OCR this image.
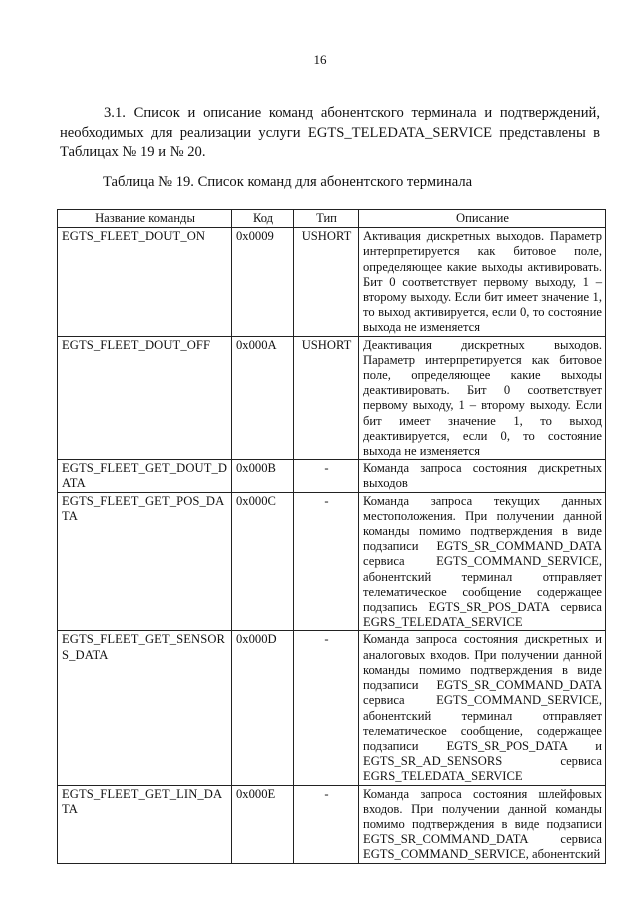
16
3.1. Список и описание команд абонентского терминала и подтверждений, необходимых для реализации услуги EGTS_TELEDATA_SERVICE представлены в Таблицах № 19 и № 20.
Таблица № 19. Список команд для абонентского терминала
Название команды	Код	Тип	Описание
EGTS_FLEET_DOUT_ON	0x0009	USHORT	Активация дискретных выходов. Параметр интерпретируется как битовое поле, определяющее какие выходы активировать. Бит 0 соответствует первому выходу, 1 – второму выходу. Если бит имеет значение 1, то выход активируется, если 0, то состояние выхода не изменяется
EGTS_FLEET_DOUT_OFF	0x000A	USHORT	Деактивация дискретных выходов. Параметр интерпретируется как битовое поле, определяющее какие выходы деактивировать. Бит 0 соответствует первому выходу, 1 – второму выходу. Если бит имеет значение 1, то выход деактивируется, если 0, то состояние выхода не изменяется
EGTS_FLEET_GET_DOUT_DATA	0x000B	-	Команда запроса состояния дискретных выходов
EGTS_FLEET_GET_POS_DATA	0x000C	-	Команда запроса текущих данных местоположения. При получении данной команды помимо подтверждения в виде подзаписи EGTS_SR_COMMAND_DATA сервиса EGTS_COMMAND_SERVICE, абонентский терминал отправляет телематическое сообщение содержащее подзапись EGTS_SR_POS_DATA сервиса EGRS_TELEDATA_SERVICE
EGTS_FLEET_GET_SENSORS_DATA	0x000D	-	Команда запроса состояния дискретных и аналоговых входов. При получении данной команды помимо подтверждения в виде подзаписи EGTS_SR_COMMAND_DATA сервиса EGTS_COMMAND_SERVICE, абонентский терминал отправляет телематическое сообщение, содержащее подзаписи EGTS_SR_POS_DATA и EGTS_SR_AD_SENSORS сервиса EGRS_TELEDATA_SERVICE
EGTS_FLEET_GET_LIN_DATA	0x000E	-	Команда запроса состояния шлейфовых входов. При получении данной команды помимо подтверждения в виде подзаписи EGTS_SR_COMMAND_DATA сервиса EGTS_COMMAND_SERVICE, абонентский
